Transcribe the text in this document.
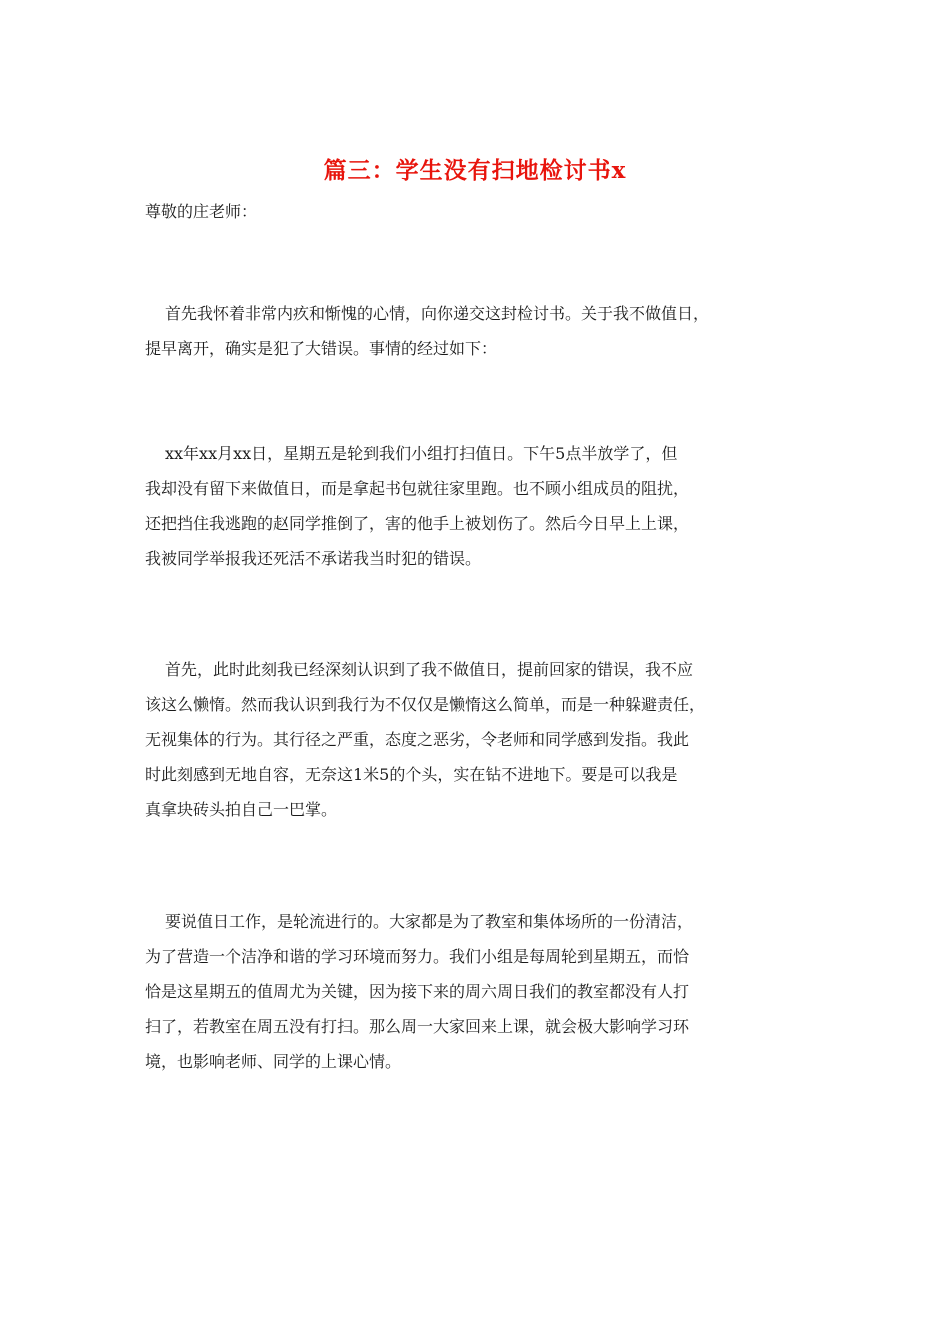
篇三：学生没有扫地检讨书x
尊敬的庄老师：
首先我怀着非常内疚和惭愧的心情，向你递交这封检讨书。关于我不做值日，
提早离开，确实是犯了大错误。事情的经过如下：
xx年xx月xx日，星期五是轮到我们小组打扫值日。下午5点半放学了，但
我却没有留下来做值日，而是拿起书包就往家里跑。也不顾小组成员的阻扰，
还把挡住我逃跑的赵同学推倒了，害的他手上被划伤了。然后今日早上上课，
我被同学举报我还死活不承诺我当时犯的错误。
首先，此时此刻我已经深刻认识到了我不做值日，提前回家的错误，我不应
该这么懒惰。然而我认识到我行为不仅仅是懒惰这么简单，而是一种躲避责任，
无视集体的行为。其行径之严重，态度之恶劣，令老师和同学感到发指。我此
时此刻感到无地自容，无奈这1米5的个头，实在钻不进地下。要是可以我是
真拿块砖头拍自己一巴掌。
要说值日工作，是轮流进行的。大家都是为了教室和集体场所的一份清洁，
为了营造一个洁净和谐的学习环境而努力。我们小组是每周轮到星期五，而恰
恰是这星期五的值周尤为关键，因为接下来的周六周日我们的教室都没有人打
扫了，若教室在周五没有打扫。那么周一大家回来上课，就会极大影响学习环
境，也影响老师、同学的上课心情。
